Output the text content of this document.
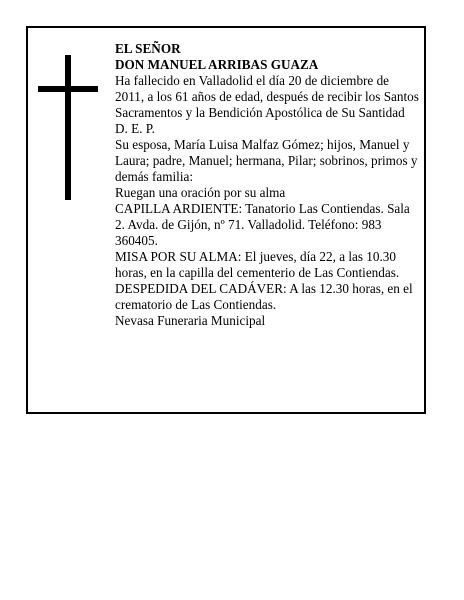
EL SEÑOR

DON MANUEL ARRIBAS GUAZA

Ha fallecido en Valladolid el día 20 de diciembre de 2011, a los 61 años de edad, después de recibir los Santos Sacramentos y la Bendición Apostólica de Su Santidad

D. E. P.

Su esposa, María Luisa Malfaz Gómez; hijos, Manuel y Laura; padre, Manuel; hermana, Pilar; sobrinos, primos y demás familia:

Ruegan una oración por su alma

CAPILLA ARDIENTE: Tanatorio Las Contiendas. Sala 2. Avda. de Gijón, nº 71. Valladolid. Teléfono: 983 360405.

MISA POR SU ALMA: El jueves, día 22, a las 10.30 horas, en la capilla del cementerio de Las Contiendas.

DESPEDIDA DEL CADÁVER: A las 12.30 horas, en el crematorio de Las Contiendas.

Nevasa Funeraria Municipal
